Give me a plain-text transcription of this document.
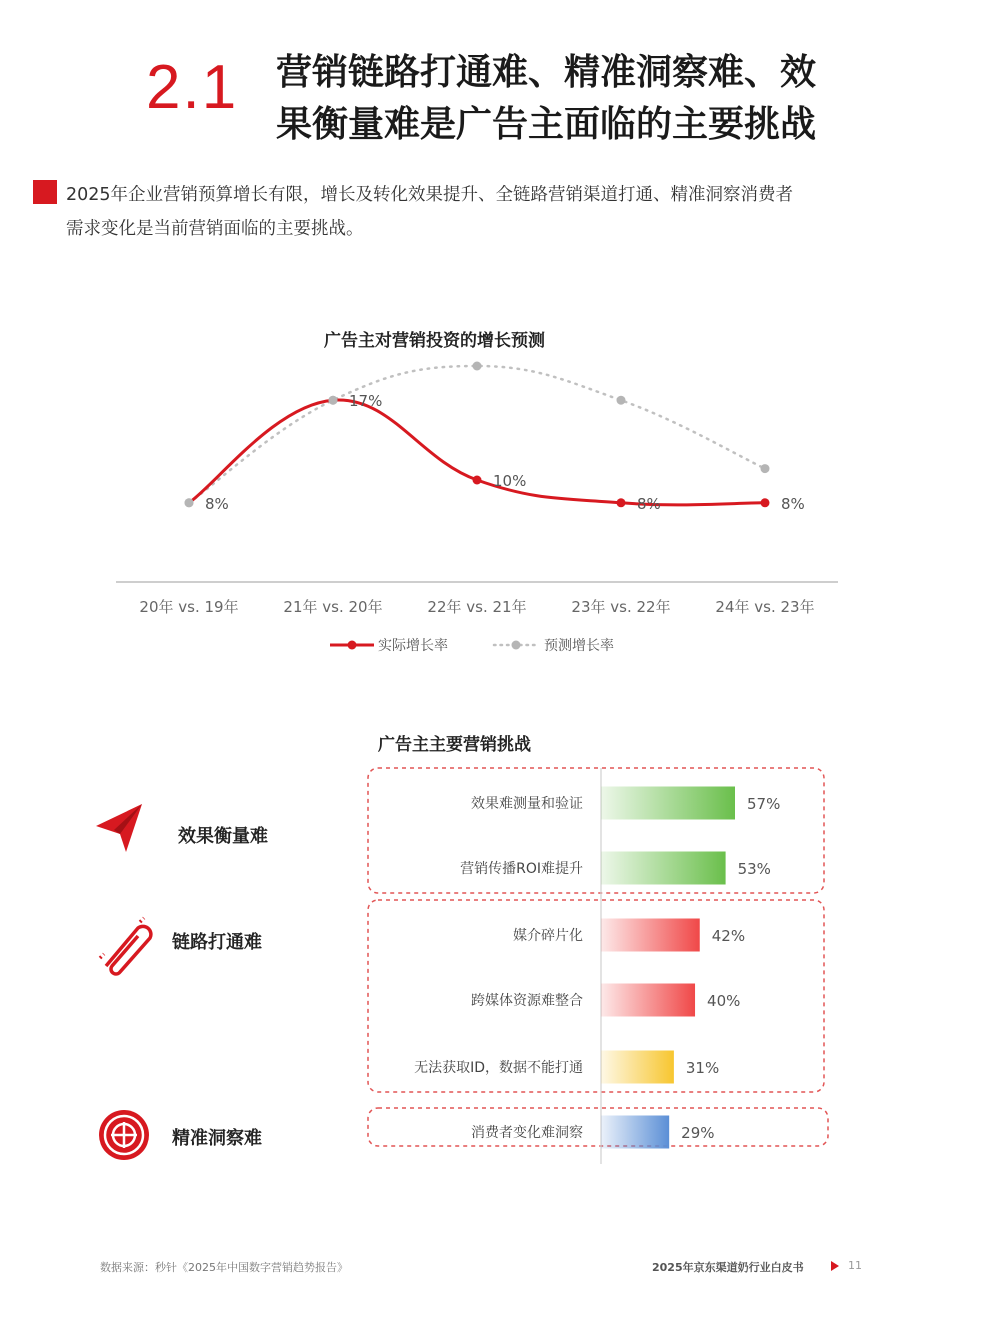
2.1 营销链路打通难、精准洞察难、效
果衡量难是广告主面临的主要挑战
2025年企业营销预算增长有限，增长及转化效果提升、全链路营销渠道打通、精准洞察消费者
需求变化是当前营销面临的主要挑战。
广告主对营销投资的增长预测
20年 vs. 19年	21年 vs. 20年	22年 vs. 21年	23年 vs. 22年	24年 vs. 23年
8%
17%
10%
8%	8%
实际增长率	预测增长率
广告主主要营销挑战
效果衡量难
链路打通难
精准洞察难
效果难测量和验证	57%
营销传播ROI难提升	53%
媒介碎片化	42%
跨媒体资源难整合	40%
无法获取ID，数据不能打通	31%
消费者变化难洞察	29%
数据来源：秒针《2025年中国数字营销趋势报告》	2025年京东渠道奶行业白皮书	11
